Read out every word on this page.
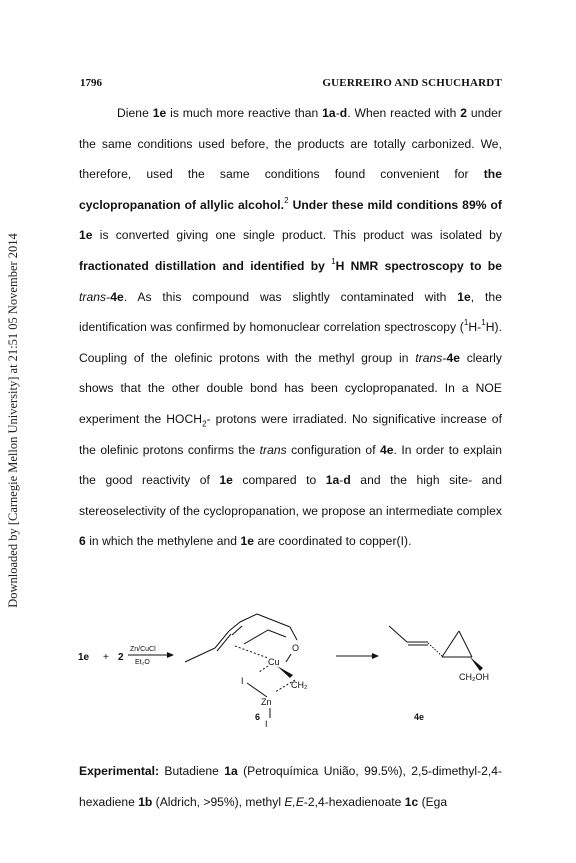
Downloaded by [Carnegie Mellon University] at 21:51 05 November 2014
1796	GUERREIRO AND SCHUCHARDT

Diene 1e is much more reactive than 1a-d. When reacted with 2 under the same conditions used before, the products are totally carbonized. We, therefore, used the same conditions found convenient for the cyclopropanation of allylic alcohol.$^2$ Under these mild conditions 89% of 1e is converted giving one single product. This product was isolated by fractionated distillation and identified by $^1$H NMR spectroscopy to be trans-4e. As this compound was slightly contaminated with 1e, the identification was confirmed by homonuclear correlation spectroscopy ($^1$H-$^1$H). Coupling of the olefinic protons with the methyl group in trans-4e clearly shows that the other double bond has been cyclopropanated. In a NOE experiment the $HOCH_2-$ protons were irradiated. No significative increase of the olefinic protons confirms the trans configuration of 4e. In order to explain the good reactivity of 1e compared to 1a-d and the high site- and stereoselectivity of the cyclopropanation, we propose an intermediate complex 6 in which the methylene and 1e are coordinated to copper(I).

1e + 2
Zn/CuCl
Et₂O
O
Cu
I	CH₂
Zn
I
6
CH₂OH
4e

Experimental: Butadiene 1a (Petroquímica União, 99.5%), 2,5-dimethyl-2,4-hexadiene 1b (Aldrich, >95%), methyl E,E-2,4-hexadienoate 1c (Ega
